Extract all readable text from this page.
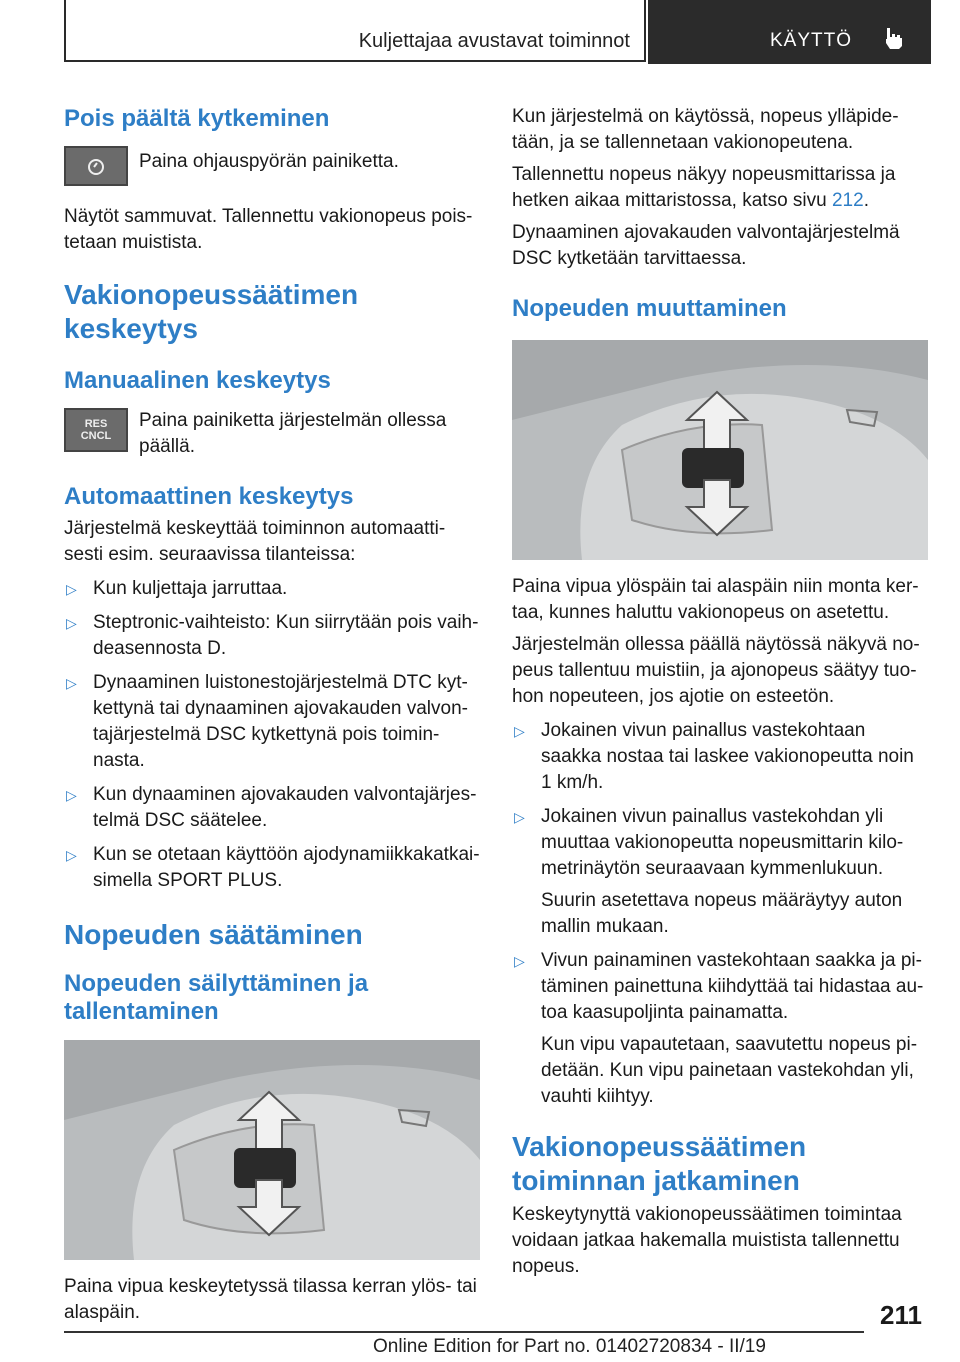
Kuljettajaa avustavat toiminnot	KÄYTTÖ
Pois päältä kytkeminen

Paina ohjauspyörän painiketta.

Näytöt sammuvat. Tallennettu vakionopeus pois-tetaan muistista.

Vakionopeussäätimen keskeytys
Manuaalinen keskeytys
RES
CNCL

Paina painiketta järjestelmän ollessa päällä.

Automaattinen keskeytys

Järjestelmä keskeyttää toiminnon automaatti-sesti esim. seuraavissa tilanteissa:

▷ Kun kuljettaja jarruttaa.
▷ Steptronic-vaihteisto: Kun siirrytään pois vaih-deasennosta D.
▷ Dynaaminen luistonestojärjestelmä DTC kyt-kettynä tai dynaaminen ajovakauden valvon-tajärjestelmä DSC kytkettynä pois toimin-nasta.
▷ Kun dynaaminen ajovakauden valvontajärjes-telmä DSC säätelee.
▷ Kun se otetaan käyttöön ajodynamiikkakatkai-simella SPORT PLUS.
Nopeuden säätäminen
Nopeuden säilyttäminen ja tallentaminen

Paina vipua keskeytetyssä tilassa kerran ylös- tai alaspäin.

Kun järjestelmä on käytössä, nopeus ylläpide-tään, ja se tallennetaan vakionopeutena.

Tallennettu nopeus näkyy nopeusmittarissa ja hetken aikaa mittaristossa, katso sivu 212.

Dynaaminen ajovakauden valvontajärjestelmä DSC kytketään tarvittaessa.

Nopeuden muuttaminen

Paina vipua ylöspäin tai alaspäin niin monta ker-taa, kunnes haluttu vakionopeus on asetettu.

Järjestelmän ollessa päällä näytössä näkyvä no-peus tallentuu muistiin, ja ajonopeus säätyy tuo-hon nopeuteen, jos ajotie on esteetön.

▷ Jokainen vivun painallus vastekohtaan saakka nostaa tai laskee vakionopeutta noin 1 km/h.
▷ Jokainen vivun painallus vastekohdan yli muuttaa vakionopeutta nopeusmittarin kilo-metrinäytön seuraavaan kymmenlukuun.

Suurin asetettava nopeus määräytyy auton mallin mukaan.

▷ Vivun painaminen vastekohtaan saakka ja pi-täminen painettuna kiihdyttää tai hidastaa au-toa kaasupoljinta painamatta.

Kun vipu vapautetaan, saavutettu nopeus pi-detään. Kun vipu painetaan vastekohdan yli, vauhti kiihtyy.

Vakionopeussäätimen toiminnan jatkaminen

Keskeytynyttä vakionopeussäätimen toimintaa voidaan jatkaa hakemalla muistista tallennettu nopeus.

211
Online Edition for Part no. 01402720834 - II/19
